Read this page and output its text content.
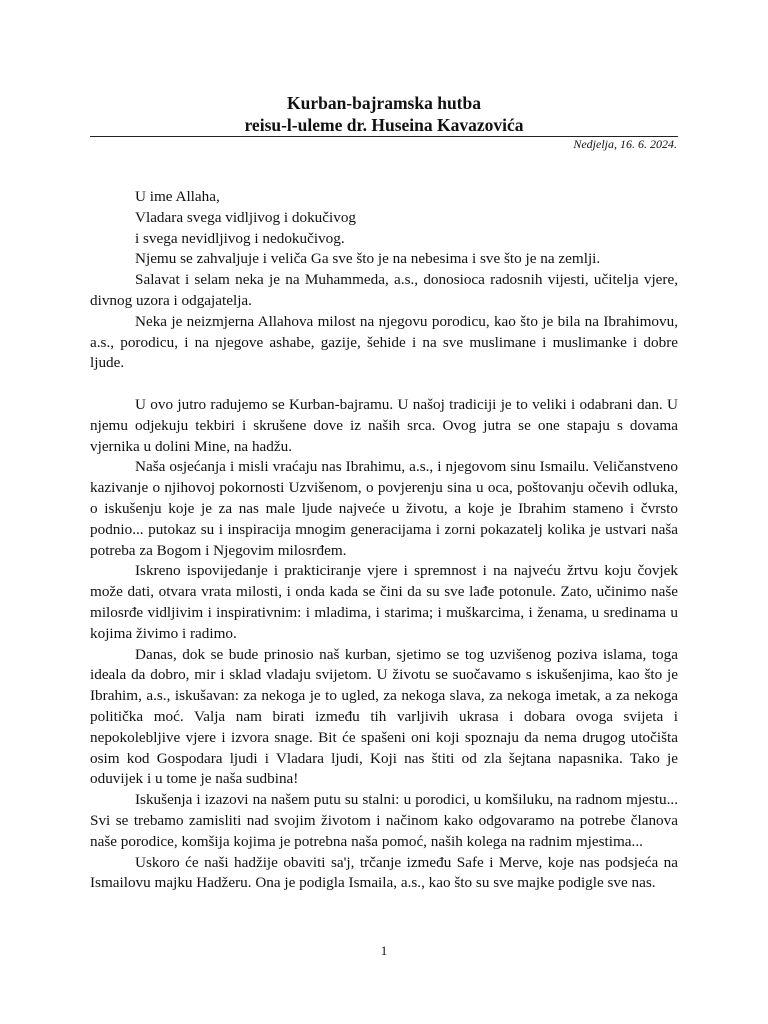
Kurban-bajramska hutba
reisu-l-uleme dr. Huseina Kavazovića
Nedjelja, 16. 6. 2024.

U ime Allaha,

Vladara svega vidljivog i dokučivog

i svega nevidljivog i nedokučivog.

Njemu se zahvaljuje i veliča Ga sve što je na nebesima i sve što je na zemlji.

Salavat i selam neka je na Muhammeda, a.s., donosioca radosnih vijesti, učitelja vjere, divnog uzora i odgajatelja.

Neka je neizmjerna Allahova milost na njegovu porodicu, kao što je bila na Ibrahimovu, a.s., porodicu, i na njegove ashabe, gazije, šehide i na sve muslimane i muslimanke i dobre ljude.

U ovo jutro radujemo se Kurban-bajramu. U našoj tradiciji je to veliki i odabrani dan. U njemu odjekuju tekbiri i skrušene dove iz naših srca. Ovog jutra se one stapaju s dovama vjernika u dolini Mine, na hadžu.

Naša osjećanja i misli vraćaju nas Ibrahimu, a.s., i njegovom sinu Ismailu. Veličanstveno kazivanje o njihovoj pokornosti Uzvišenom, o povjerenju sina u oca, poštovanju očevih odluka, o iskušenju koje je za nas male ljude najveće u životu, a koje je Ibrahim stameno i čvrsto podnio... putokaz su i inspiracija mnogim generacijama i zorni pokazatelj kolika je ustvari naša potreba za Bogom i Njegovim milosrđem.

Iskreno ispovijedanje i prakticiranje vjere i spremnost i na najveću žrtvu koju čovjek može dati, otvara vrata milosti, i onda kada se čini da su sve lađe potonule. Zato, učinimo naše milosrđe vidljivim i inspirativnim: i mladima, i starima; i muškarcima, i ženama, u sredinama u kojima živimo i radimo.

Danas, dok se bude prinosio naš kurban, sjetimo se tog uzvišenog poziva islama, toga ideala da dobro, mir i sklad vladaju svijetom. U životu se suočavamo s iskušenjima, kao što je Ibrahim, a.s., iskušavan: za nekoga je to ugled, za nekoga slava, za nekoga imetak, a za nekoga politička moć. Valja nam birati između tih varljivih ukrasa i dobara ovoga svijeta i nepokolebljive vjere i izvora snage. Bit će spašeni oni koji spoznaju da nema drugog utočišta osim kod Gospodara ljudi i Vladara ljudi, Koji nas štiti od zla šejtana napasnika. Tako je oduvijek i u tome je naša sudbina!

Iskušenja i izazovi na našem putu su stalni: u porodici, u komšiluku, na radnom mjestu... Svi se trebamo zamisliti nad svojim životom i načinom kako odgovaramo na potrebe članova naše porodice, komšija kojima je potrebna naša pomoć, naših kolega na radnim mjestima...

Uskoro će naši hadžije obaviti sa'j, trčanje između Safe i Merve, koje nas podsjeća na Ismailovu majku Hadžeru. Ona je podigla Ismaila, a.s., kao što su sve majke podigle sve nas.

1
